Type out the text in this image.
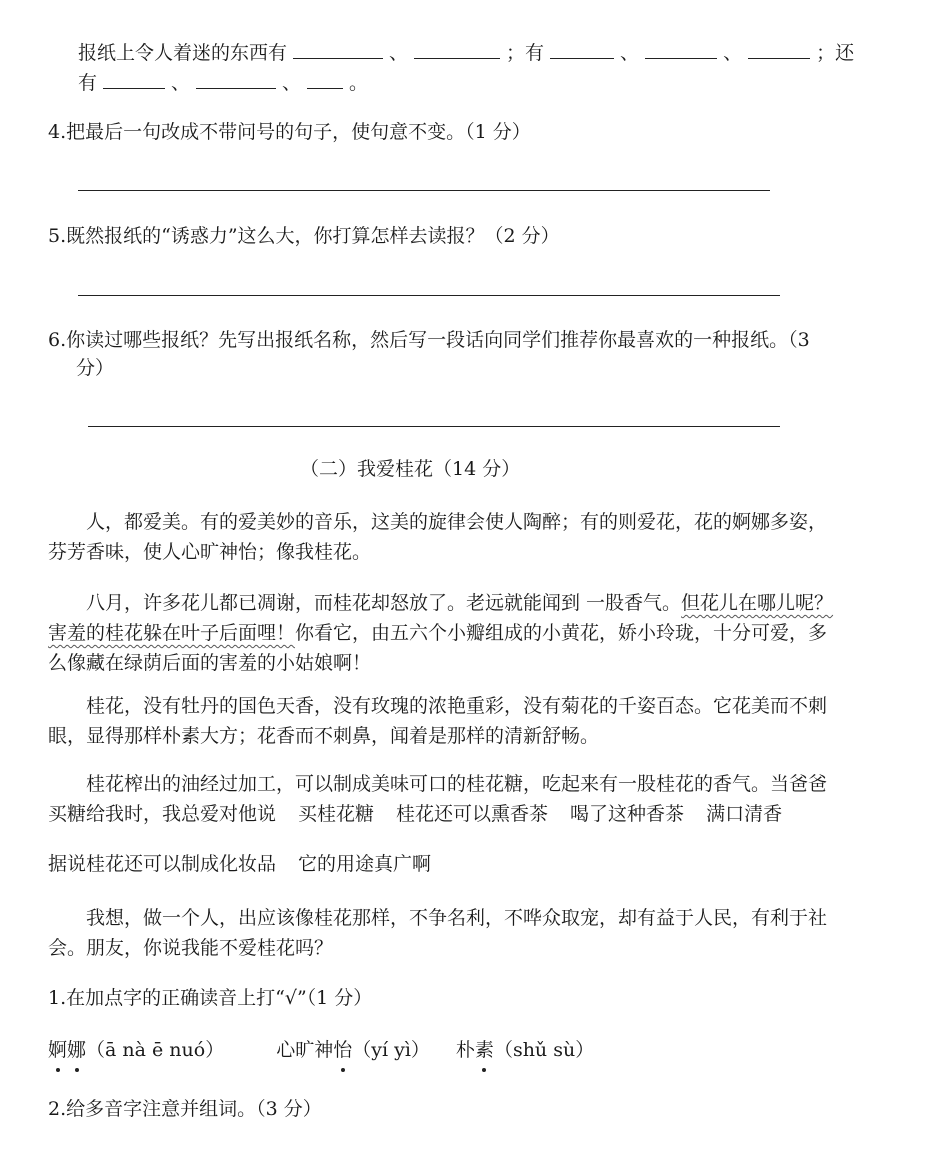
报纸上令人着迷的东西有	、	；有	、	、	；还
有	、	、	。
4.把最后一句改成不带问号的句子，使句意不变。（1 分）
5.既然报纸的“诱惑力”这么大，你打算怎样去读报？（2 分）
6.你读过哪些报纸？先写出报纸名称，然后写一段话向同学们推荐你最喜欢的一种报纸。（3
分）
（二）我爱桂花（14 分）
人，都爱美。有的爱美妙的音乐，这美的旋律会使人陶醉；有的则爱花，花的婀娜多姿，
芬芳香味，使人心旷神怡；像我桂花。
八月，许多花儿都已凋谢，而桂花却怒放了。老远就能闻到 一股香气。但花儿在哪儿呢？
害羞的桂花躲在叶子后面哩！你看它，由五六个小瓣组成的小黄花，娇小玲珑，十分可爱，多
么像藏在绿荫后面的害羞的小姑娘啊！
桂花，没有牡丹的国色天香，没有玫瑰的浓艳重彩，没有菊花的千姿百态。它花美而不刺
眼，显得那样朴素大方；花香而不刺鼻，闻着是那样的清新舒畅。
桂花榨出的油经过加工，可以制成美味可口的桂花糖，吃起来有一股桂花的香气。当爸爸
买糖给我时，我总爱对他说 买桂花糖 桂花还可以熏香茶 喝了这种香茶 满口清香
据说桂花还可以制成化妆品 它的用途真广啊
我想，做一个人，出应该像桂花那样，不争名利，不哗众取宠，却有益于人民，有利于社
会。朋友，你说我能不爱桂花吗？
1.在加点字的正确读音上打“√”（1 分）
婀娜（ā nà ē nuó）	心旷神怡（yí yì） 朴素（shǔ sù）
2.给多音字注意并组词。（3 分）
